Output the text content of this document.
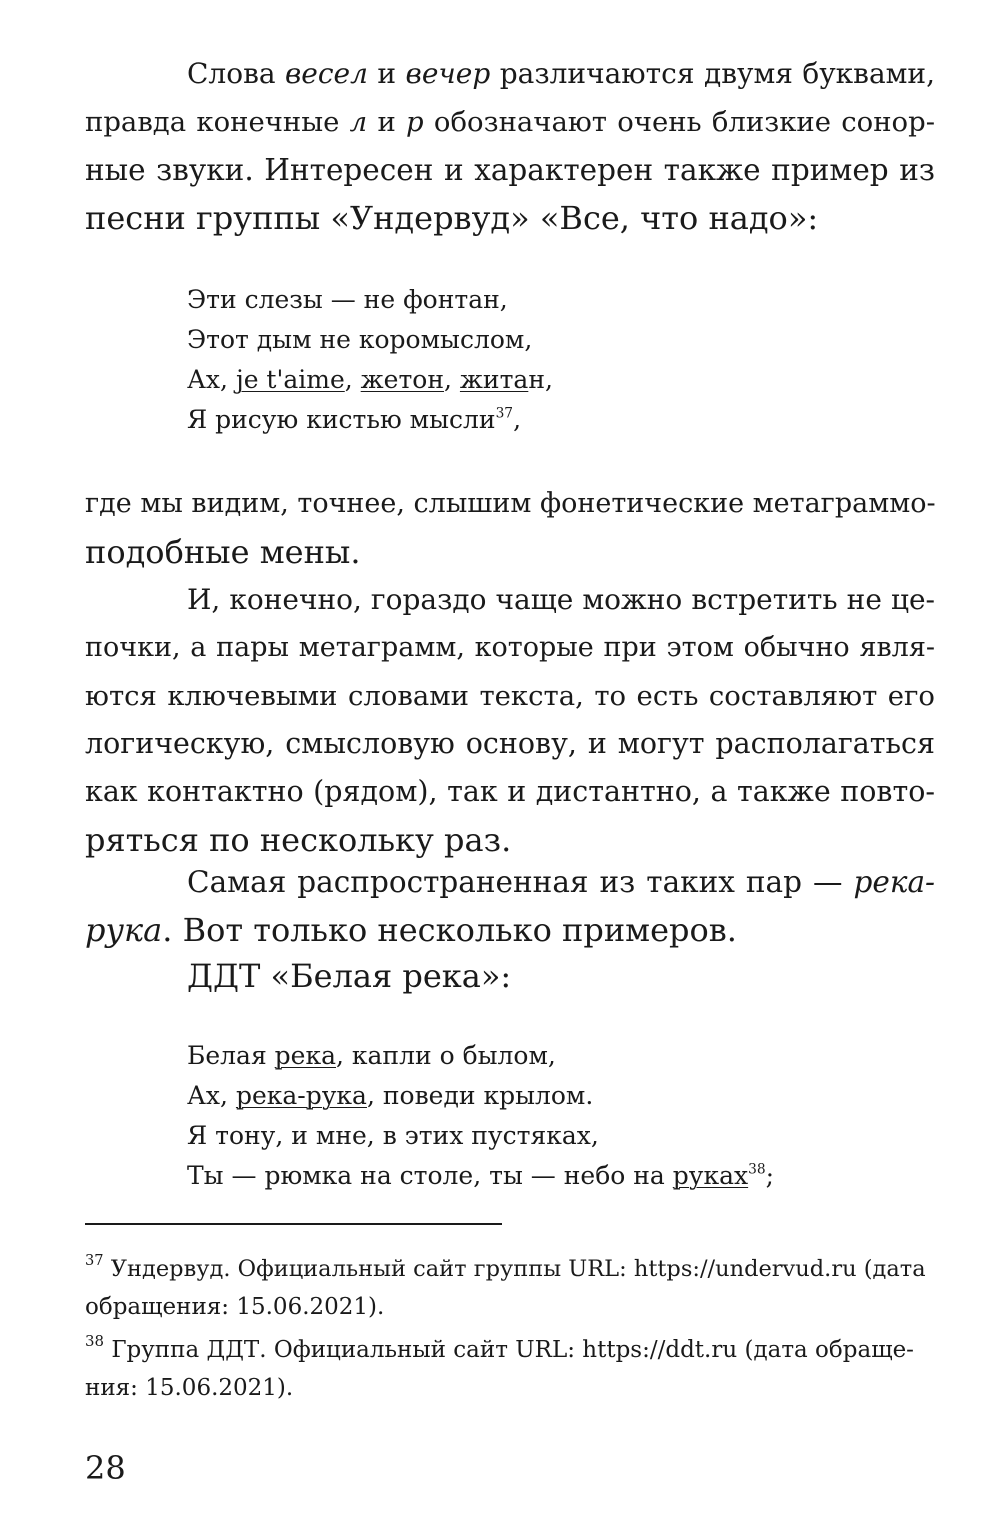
Слова весел и вечер различаются двумя буквами,
правда конечные л и р обозначают очень близкие сонор-
ные звуки. Интересен и характерен также пример из
песни группы «Ундервуд» «Все, что надо»:
Эти слезы — не фонтан,
Этот дым не коромыслом,
Ах, je t'aime, жетон, житан,
Я рисую кистью мысли$^{37}$,
где мы видим, точнее, слышим фонетические метаграммо-
подобные мены.
И, конечно, гораздо чаще можно встретить не це-
почки, а пары метаграмм, которые при этом обычно явля-
ются ключевыми словами текста, то есть составляют его
логическую, смысловую основу, и могут располагаться
как контактно (рядом), так и дистантно, а также повто-
ряться по нескольку раз.
Самая распространенная из таких пар — река-
рука. Вот только несколько примеров.
ДДТ «Белая река»:
Белая река, капли о былом,
Ах, река-рука, поведи крылом.
Я тону, и мне, в этих пустяках,
Ты — рюмка на столе, ты — небо на руках$^{38}$;
$^{37}$ Ундервуд. Официальный сайт группы URL: https://undervud.ru (дата
обращения: 15.06.2021).
$^{38}$ Группа ДДТ. Официальный сайт URL: https://ddt.ru (дата обраще-
ния: 15.06.2021).
28
